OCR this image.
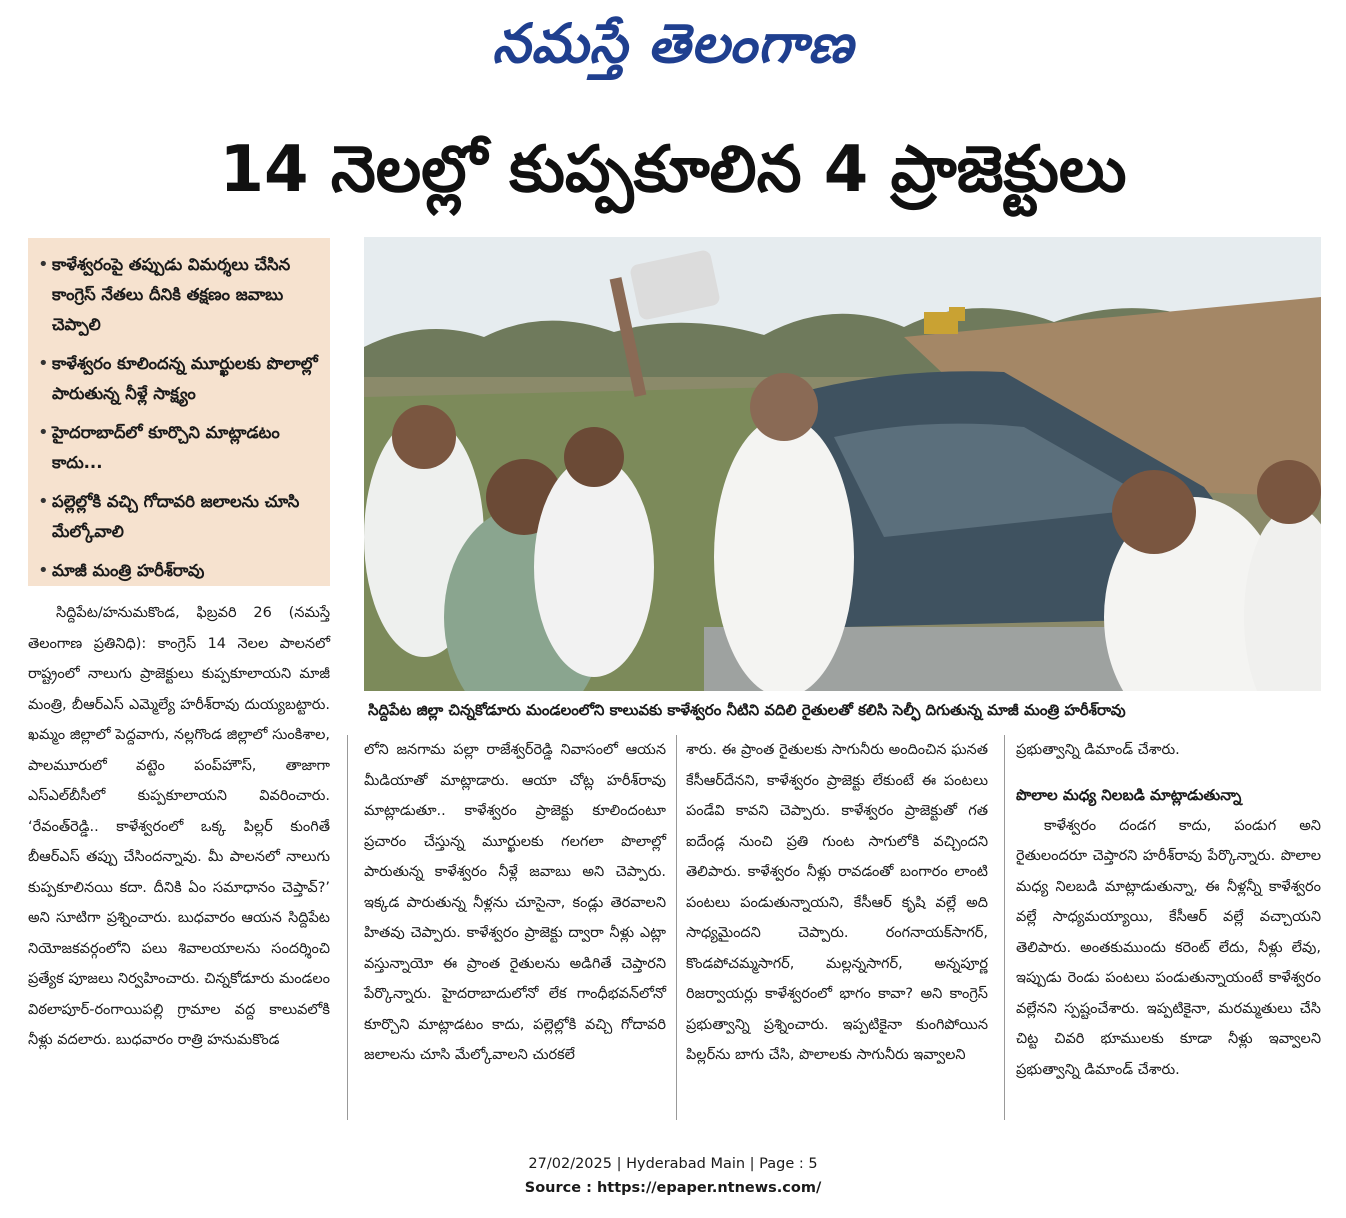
నమస్తే తెలంగాణ
14 నెలల్లో కుప్పకూలిన 4 ప్రాజెక్టులు
• కాళేశ్వరంపై తప్పుడు విమర్శలు చేసిన కాంగ్రెస్ నేతలు దీనికి తక్షణం జవాబు చెప్పాలి
• కాళేశ్వరం కూలిందన్న మూర్ఖులకు పొలాల్లో పారుతున్న నీళ్లే సాక్ష్యం
• హైదరాబాద్‌లో కూర్చొని మాట్లాడటం కాదు...
• పల్లెల్లోకి వచ్చి గోదావరి జలాలను చూసి మేల్కోవాలి
• మాజీ మంత్రి హరీశ్‌రావు
సిద్దిపేట జిల్లా చిన్నకోడూరు మండలంలోని కాలువకు కాళేశ్వరం నీటిని వదిలి రైతులతో కలిసి సెల్ఫీ దిగుతున్న మాజీ మంత్రి హరీశ్‌రావు

సిద్దిపేట/హనుమకొండ, ఫిబ్రవరి 26 (నమస్తే తెలంగాణ ప్రతినిధి): కాంగ్రెస్ 14 నెలల పాలనలో రాష్ట్రంలో నాలుగు ప్రాజెక్టులు కుప్పకూలాయని మాజీ మంత్రి, బీఆర్‌ఎస్ ఎమ్మెల్యే హరీశ్‌రావు దుయ్యబట్టారు. ఖమ్మం జిల్లాలో పెద్దవాగు, నల్లగొండ జిల్లాలో సుంకిశాల, పాలమూరులో వట్టెం పంప్‌హౌస్, తాజాగా ఎస్‌ఎల్‌బీసీలో కుప్పకూలాయని వివరించారు. ‘రేవంత్‌రెడ్డి.. కాళేశ్వరంలో ఒక్క పిల్లర్ కుంగితే బీఆర్‌ఎస్ తప్పు చేసిందన్నావు. మీ పాలనలో నాలుగు కుప్పకూలినయి కదా. దీనికి ఏం సమాధానం చెప్తావ్?’ అని సూటిగా ప్రశ్నించారు. బుధవారం ఆయన సిద్దిపేట నియోజకవర్గంలోని పలు శివాలయాలను సందర్శించి ప్రత్యేక పూజలు నిర్వహించారు. చిన్నకోడూరు మండలం విఠలాపూర్-రంగాయిపల్లి గ్రామాల వద్ద కాలువలోకి నీళ్లు వదలారు. బుధవారం రాత్రి హనుమకొండ

లోని జనగామ పల్లా రాజేశ్వర్‌రెడ్డి నివాసంలో ఆయన మీడియాతో మాట్లాడారు. ఆయా చోట్ల హరీశ్‌రావు మాట్లాడుతూ.. కాళేశ్వరం ప్రాజెక్టు కూలిందంటూ ప్రచారం చేస్తున్న మూర్ఖులకు గలగలా పొలాల్లో పారుతున్న కాళేశ్వరం నీళ్లే జవాబు అని చెప్పారు. ఇక్కడ పారుతున్న నీళ్లను చూసైనా, కండ్లు తెరవాలని హితవు చెప్పారు. కాళేశ్వరం ప్రాజెక్టు ద్వారా నీళ్లు ఎట్లా వస్తున్నాయో ఈ ప్రాంత రైతులను అడిగితే చెప్తారని పేర్కొన్నారు. హైదరాబాదులోనో లేక గాంధీభవన్‌లోనో కూర్చొని మాట్లాడటం కాదు, పల్లెల్లోకి వచ్చి గోదావరి జలాలను చూసి మేల్కోవాలని చురకలే

శారు. ఈ ప్రాంత రైతులకు సాగునీరు అందించిన ఘనత కేసీఆర్‌దేనని, కాళేశ్వరం ప్రాజెక్టు లేకుంటే ఈ పంటలు పండేవి కావని చెప్పారు. కాళేశ్వరం ప్రాజెక్టుతో గత ఐదేండ్ల నుంచి ప్రతి గుంట సాగులోకి వచ్చిందని తెలిపారు. కాళేశ్వరం నీళ్లు రావడంతో బంగారం లాంటి పంటలు పండుతున్నాయని, కేసీఆర్ కృషి వల్లే అది సాధ్యమైందని చెప్పారు. రంగనాయక్‌సాగర్, కొండపోచమ్మసాగర్, మల్లన్నసాగర్, అన్నపూర్ణ రిజర్వాయర్లు కాళేశ్వరంలో భాగం కావా? అని కాంగ్రెస్ ప్రభుత్వాన్ని ప్రశ్నించారు. ఇప్పటికైనా కుంగిపోయిన పిల్లర్‌ను బాగు చేసి, పొలాలకు సాగునీరు ఇవ్వాలని

ప్రభుత్వాన్ని డిమాండ్ చేశారు.

కాళేశ్వరం దండగ కాదు, పండుగ అని రైతులందరూ చెప్తారని హరీశ్‌రావు పేర్కొన్నారు. పొలాల మధ్య నిలబడి మాట్లాడుతున్నా, ఈ నీళ్లన్నీ కాళేశ్వరం వల్లే సాధ్యమయ్యాయి, కేసీఆర్ వల్లే వచ్చాయని తెలిపారు. అంతకుముందు కరెంట్ లేదు, నీళ్లు లేవు, ఇప్పుడు రెండు పంటలు పండుతున్నాయంటే కాళేశ్వరం వల్లేనని స్పష్టంచేశారు. ఇప్పటికైనా, మరమ్మతులు చేసి చిట్ట చివరి భూములకు కూడా నీళ్లు ఇవ్వాలని ప్రభుత్వాన్ని డిమాండ్ చేశారు.

పొలాల మధ్య నిలబడి మాట్లాడుతున్నా
27/02/2025 | Hyderabad Main | Page : 5
Source : https://epaper.ntnews.com/
